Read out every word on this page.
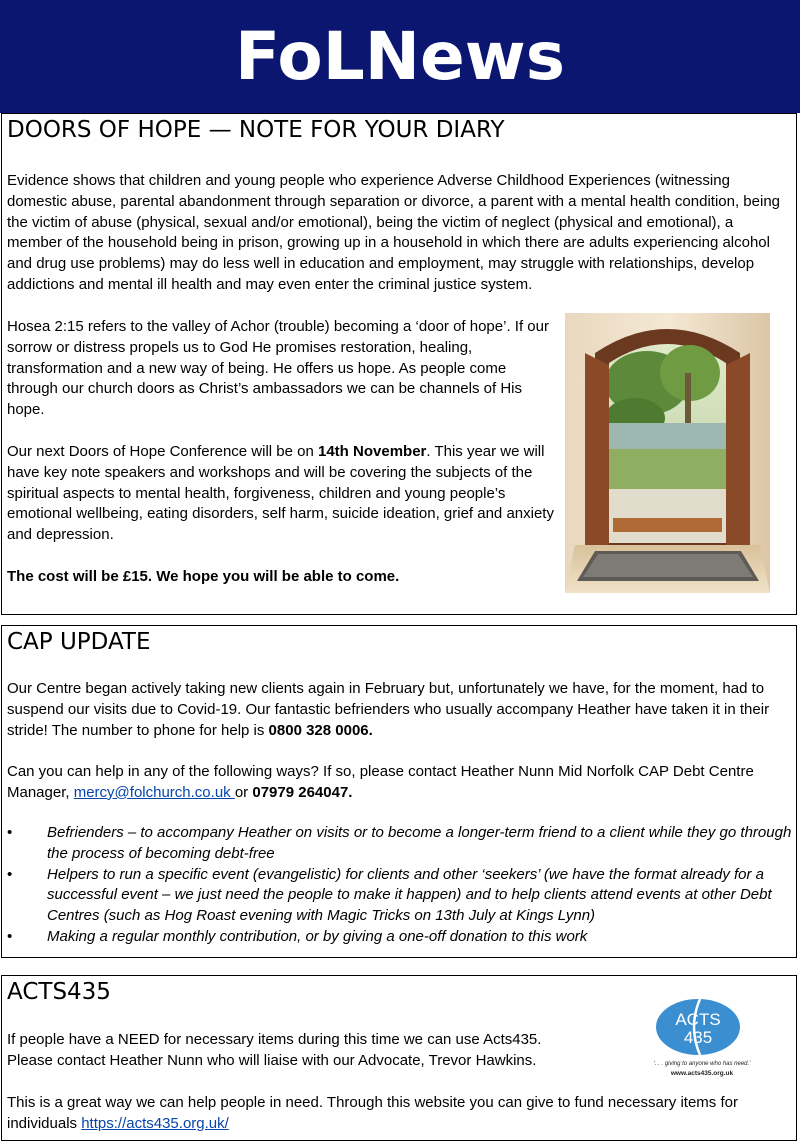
FoLNews
DOORS OF HOPE — NOTE FOR YOUR DIARY

Evidence shows that children and young people who experience Adverse Childhood Experiences (witnessing domestic abuse, parental abandonment through separation or divorce, a parent with a mental health condition, being the victim of abuse (physical, sexual and/or emotional), being the victim of neglect (physical and emotional), a member of the household being in prison, growing up in a household in which there are adults experiencing alcohol and drug use problems) may do less well in education and employment, may struggle with relationships, develop addictions and mental ill health and may even enter the criminal justice system.

Hosea 2:15 refers to the valley of Achor (trouble) becoming a ‘door of hope’. If our sorrow or distress propels us to God He promises restoration, healing, transformation and a new way of being. He offers us hope. As people come through our church doors as Christ’s ambassadors we can be channels of His hope.

Our next Doors of Hope Conference will be on 14th November. This year we will have key note speakers and workshops and will be covering the subjects of the spiritual aspects to mental health, forgiveness, children and young people’s emotional wellbeing, eating disorders, self harm, suicide ideation, grief and anxiety and depression.

The cost will be £15. We hope you will be able to come.

CAP UPDATE

Our Centre began actively taking new clients again in February but, unfortunately we have, for the moment, had to suspend our visits due to Covid-19. Our fantastic befrienders who usually accompany Heather have taken it in their stride! The number to phone for help is 0800 328 0006.

Can you can help in any of the following ways? If so, please contact Heather Nunn Mid Norfolk CAP Debt Centre Manager, mercy@folchurch.co.uk or 07979 264047.

• Befrienders – to accompany Heather on visits or to become a longer-term friend to a client while they go through the process of becoming debt-free
• Helpers to run a specific event (evangelistic) for clients and other ‘seekers’ (we have the format already for a successful event – we just need the people to make it happen) and to help clients attend events at other Debt Centres (such as Hog Roast evening with Magic Tricks on 13th July at Kings Lynn)
• Making a regular monthly contribution, or by giving a one-off donation to this work
ACTS435

If people have a NEED for necessary items during this time we can use Acts435.

Please contact Heather Nunn who will liaise with our Advocate, Trevor Hawkins.

This is a great way we can help people in need. Through this website you can give to fund necessary items for individuals https://acts435.org.uk/

ACTS
435
‘. . . giving to anyone who has need.’
www.acts435.org.uk
